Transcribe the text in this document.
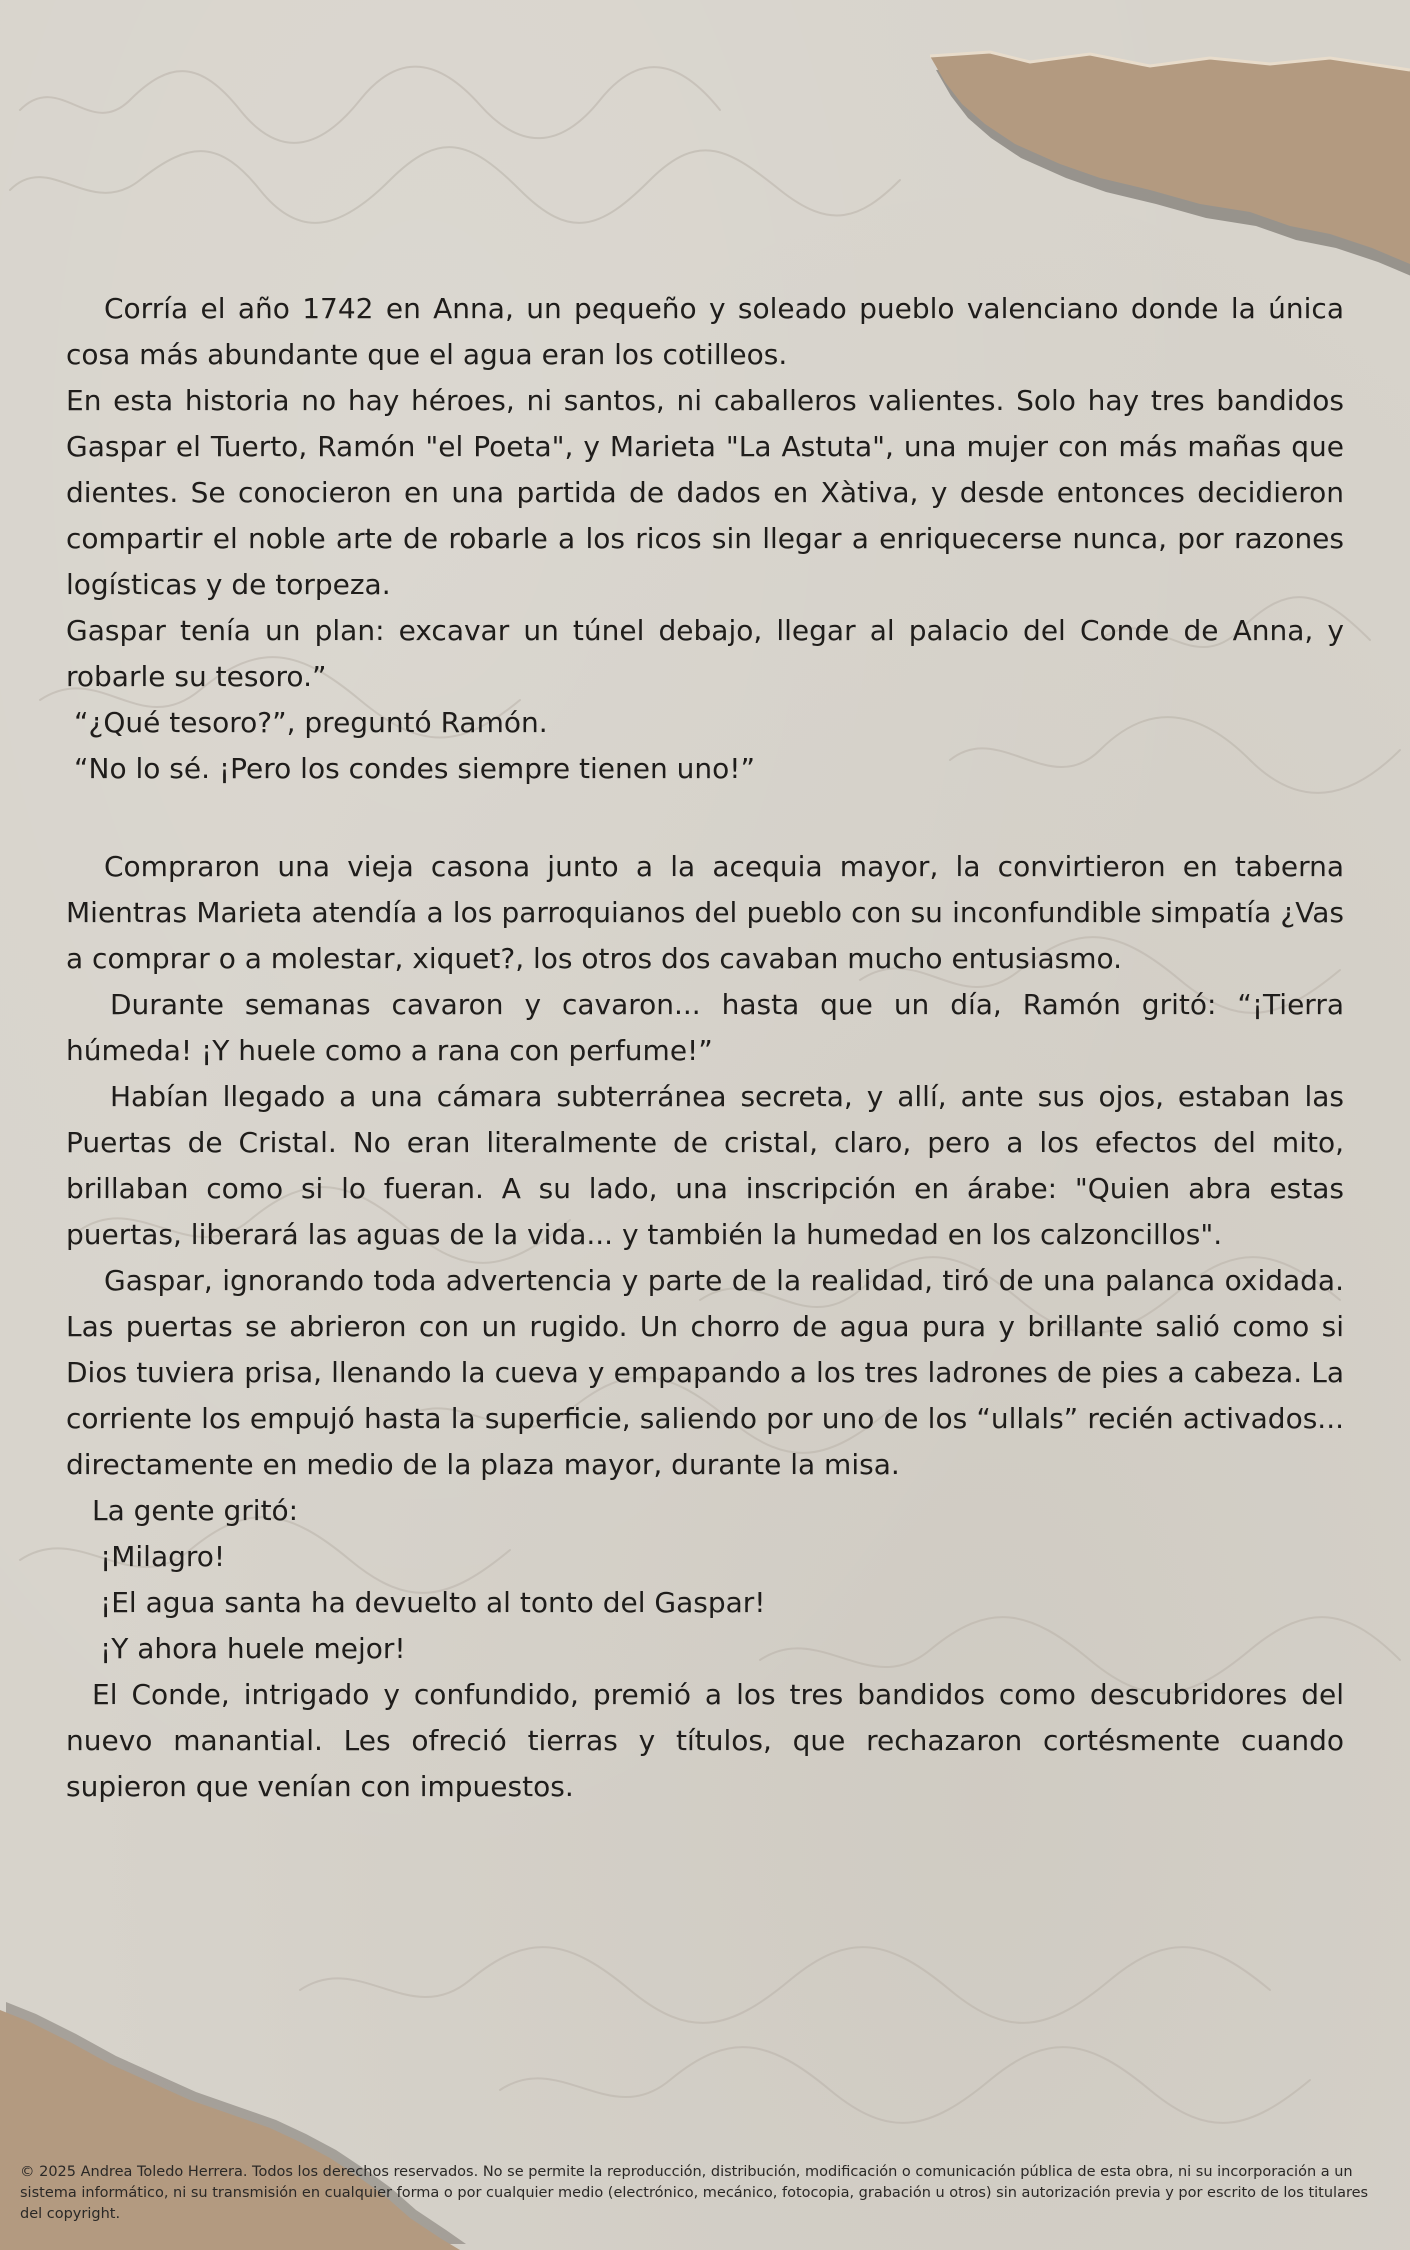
Corría el año 1742 en Anna, un pequeño y soleado pueblo valenciano donde la única cosa más abundante que el agua eran los cotilleos.

En esta historia no hay héroes, ni santos, ni caballeros valientes. Solo hay tres bandidos Gaspar el Tuerto, Ramón "el Poeta", y Marieta "La Astuta", una mujer con más mañas que dientes. Se conocieron en una partida de dados en Xàtiva, y desde entonces decidieron compartir el noble arte de robarle a los ricos sin llegar a enriquecerse nunca, por razones logísticas y de torpeza.

Gaspar tenía un plan: excavar un túnel debajo, llegar al palacio del Conde de Anna, y robarle su tesoro.”

“¿Qué tesoro?”, preguntó Ramón.

“No lo sé. ¡Pero los condes siempre tienen uno!”

Compraron una vieja casona junto a la acequia mayor, la convirtieron en taberna Mientras Marieta atendía a los parroquianos del pueblo con su inconfundible simpatía ¿Vas a comprar o a molestar, xiquet?, los otros dos cavaban mucho entusiasmo.

Durante semanas cavaron y cavaron... hasta que un día, Ramón gritó: “¡Tierra húmeda! ¡Y huele como a rana con perfume!”

Habían llegado a una cámara subterránea secreta, y allí, ante sus ojos, estaban las Puertas de Cristal. No eran literalmente de cristal, claro, pero a los efectos del mito, brillaban como si lo fueran. A su lado, una inscripción en árabe: "Quien abra estas puertas, liberará las aguas de la vida... y también la humedad en los calzoncillos".

Gaspar, ignorando toda advertencia y parte de la realidad, tiró de una palanca oxidada. Las puertas se abrieron con un rugido. Un chorro de agua pura y brillante salió como si Dios tuviera prisa, llenando la cueva y empapando a los tres ladrones de pies a cabeza. La corriente los empujó hasta la superficie, saliendo por uno de los “ullals” recién activados... directamente en medio de la plaza mayor, durante la misa.

La gente gritó:

¡Milagro!

¡El agua santa ha devuelto al tonto del Gaspar!

¡Y ahora huele mejor!

El Conde, intrigado y confundido, premió a los tres bandidos como descubridores del nuevo manantial. Les ofreció tierras y títulos, que rechazaron cortésmente cuando supieron que venían con impuestos.

© 2025 Andrea Toledo Herrera. Todos los derechos reservados. No se permite la reproducción, distribución, modificación o comunicación pública de esta obra, ni su incorporación a un sistema informático, ni su transmisión en cualquier forma o por cualquier medio (electrónico, mecánico, fotocopia, grabación u otros) sin autorización previa y por escrito de los titulares del copyright.
